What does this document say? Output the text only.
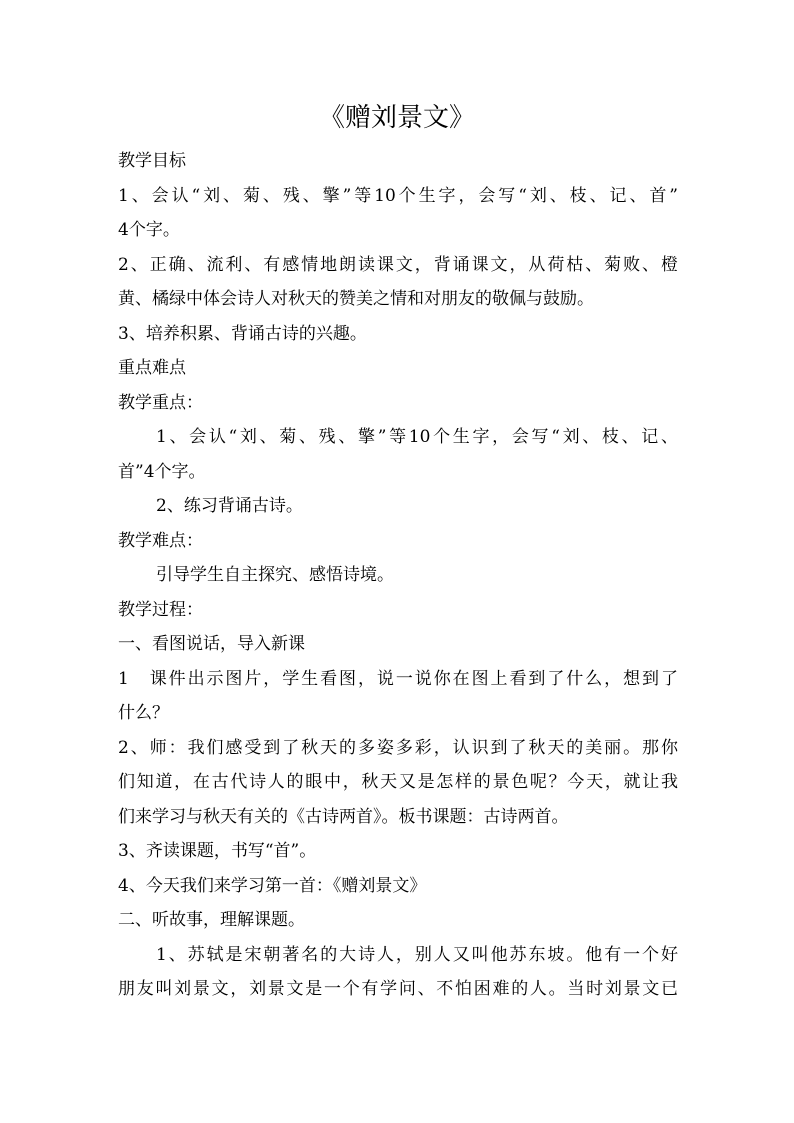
《赠刘景文》
教学目标
1、会认“刘、菊、残、擎”等10个生字，会写“刘、枝、记、首”
4个字。
2、正确、流利、有感情地朗读课文，背诵课文，从荷枯、菊败、橙
黄、橘绿中体会诗人对秋天的赞美之情和对朋友的敬佩与鼓励。
3、培养积累、背诵古诗的兴趣。
重点难点
教学重点：
1、会认“刘、菊、残、擎”等10个生字，会写“刘、枝、记、
首”4个字。
2、练习背诵古诗。
教学难点：
引导学生自主探究、感悟诗境。
教学过程：
一、看图说话，导入新课
1　课件出示图片，学生看图，说一说你在图上看到了什么，想到了
什么？
2、师：我们感受到了秋天的多姿多彩，认识到了秋天的美丽。那你
们知道，在古代诗人的眼中，秋天又是怎样的景色呢？今天，就让我
们来学习与秋天有关的《古诗两首》。板书课题：古诗两首。
3、齐读课题，书写“首”。
4、今天我们来学习第一首：《赠刘景文》
二、听故事，理解课题。
1、苏轼是宋朝著名的大诗人，别人又叫他苏东坡。他有一个好
朋友叫刘景文，刘景文是一个有学问、不怕困难的人。当时刘景文已
